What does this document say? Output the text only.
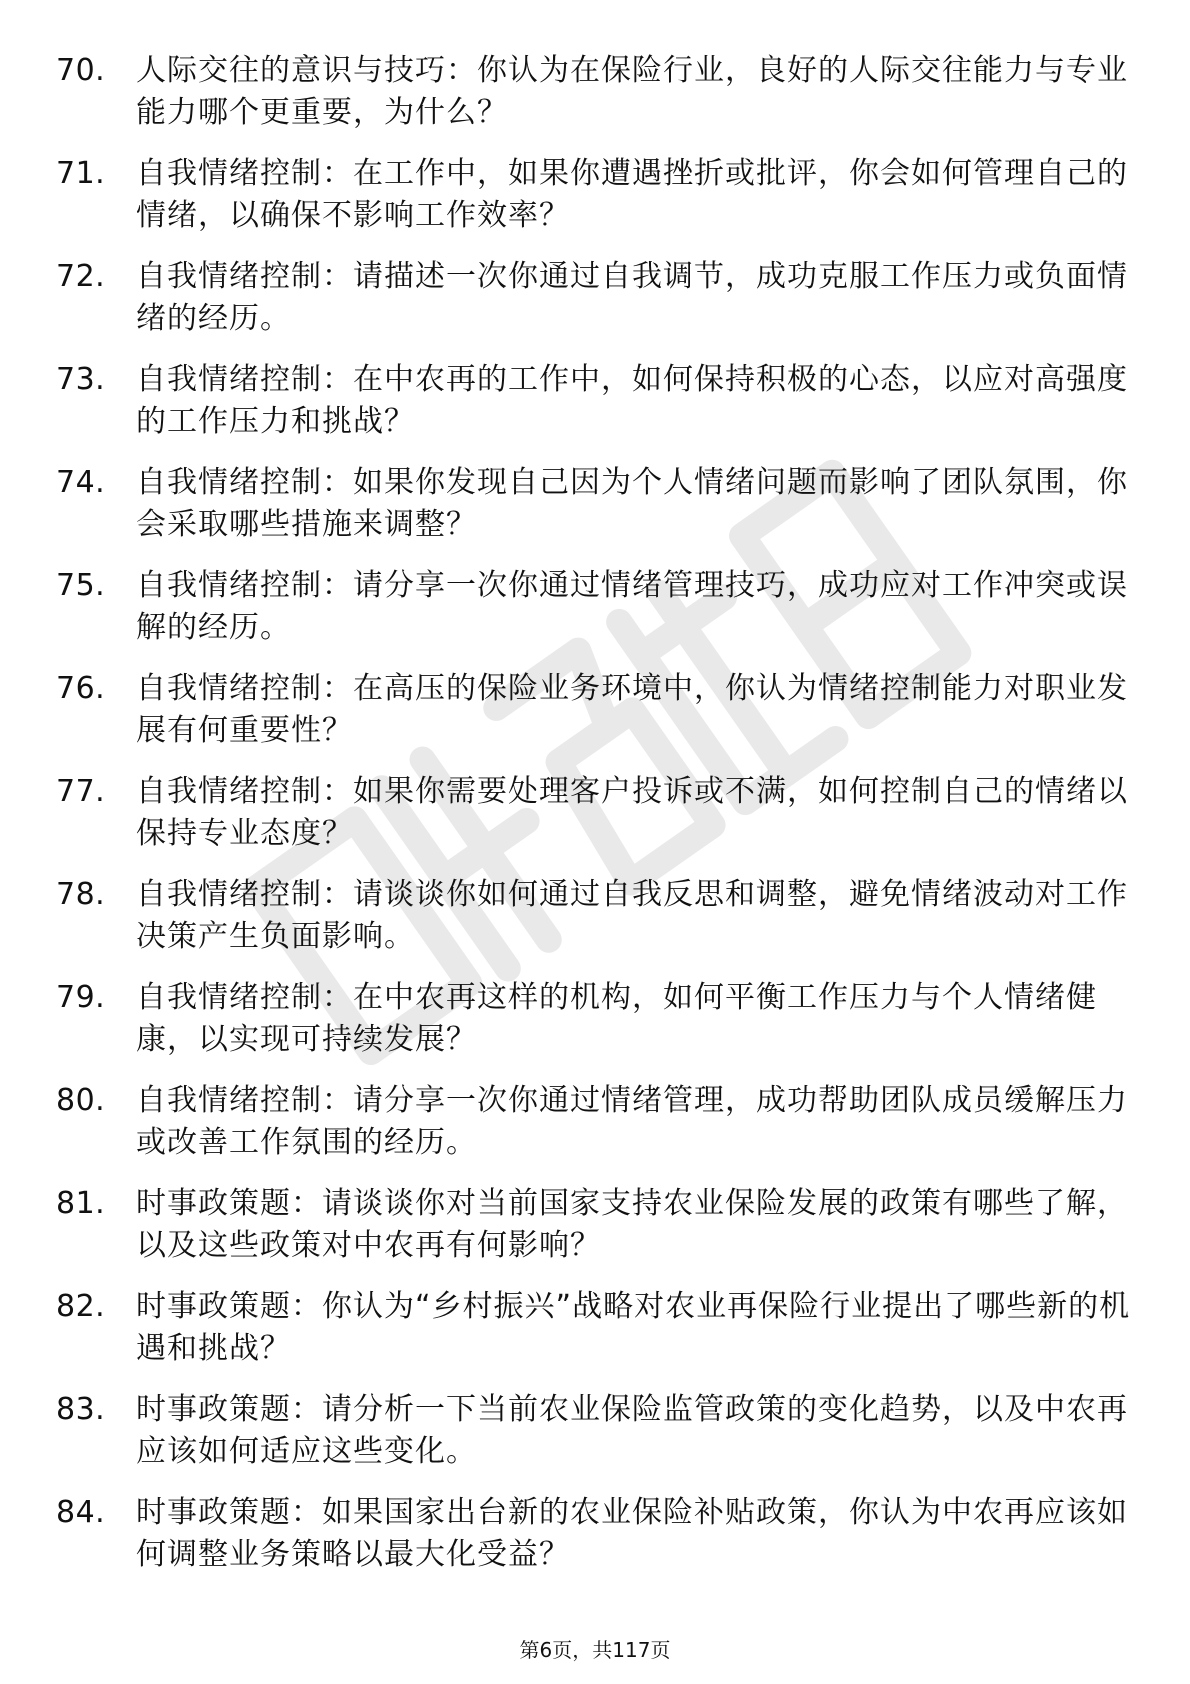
70.	人际交往的意识与技巧：你认为在保险行业，良好的人际交往能力与专业能力哪个更重要，为什么？
71.	自我情绪控制：在工作中，如果你遭遇挫折或批评，你会如何管理自己的情绪，以确保不影响工作效率？
72.	自我情绪控制：请描述一次你通过自我调节，成功克服工作压力或负面情绪的经历。
73.	自我情绪控制：在中农再的工作中，如何保持积极的心态，以应对高强度的工作压力和挑战？
74.	自我情绪控制：如果你发现自己因为个人情绪问题而影响了团队氛围，你会采取哪些措施来调整？
75.	自我情绪控制：请分享一次你通过情绪管理技巧，成功应对工作冲突或误解的经历。
76.	自我情绪控制：在高压的保险业务环境中，你认为情绪控制能力对职业发展有何重要性？
77.	自我情绪控制：如果你需要处理客户投诉或不满，如何控制自己的情绪以保持专业态度？
78.	自我情绪控制：请谈谈你如何通过自我反思和调整，避免情绪波动对工作决策产生负面影响。
79.	自我情绪控制：在中农再这样的机构，如何平衡工作压力与个人情绪健康，以实现可持续发展？
80.	自我情绪控制：请分享一次你通过情绪管理，成功帮助团队成员缓解压力或改善工作氛围的经历。
81.	时事政策题：请谈谈你对当前国家支持农业保险发展的政策有哪些了解，以及这些政策对中农再有何影响？
82.	时事政策题：你认为“乡村振兴”战略对农业再保险行业提出了哪些新的机遇和挑战？
83.	时事政策题：请分析一下当前农业保险监管政策的变化趋势，以及中农再应该如何适应这些变化。
84.	时事政策题：如果国家出台新的农业保险补贴政策，你认为中农再应该如何调整业务策略以最大化受益？
第6页，共117页
